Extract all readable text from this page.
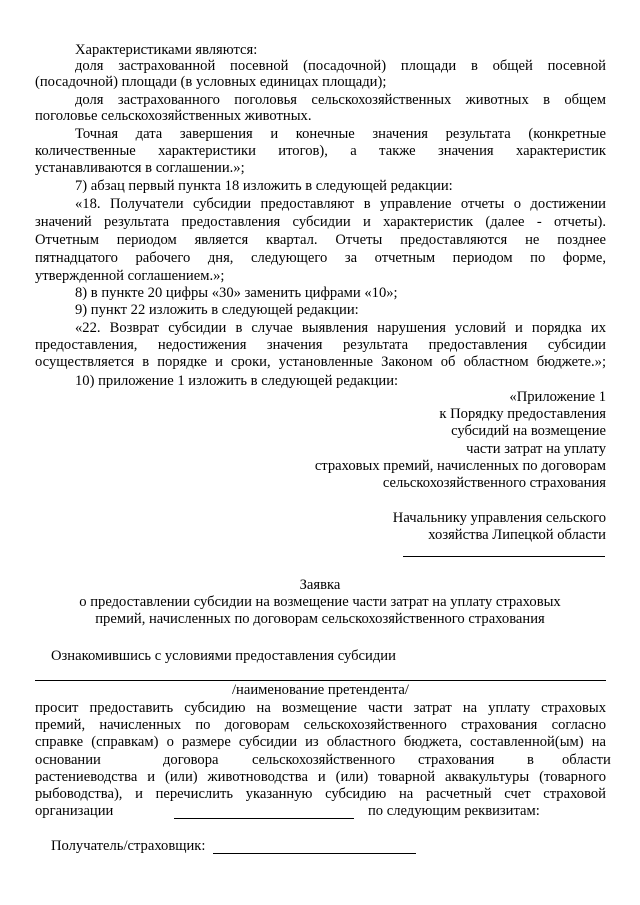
Характеристиками являются:
доля застрахованной посевной (посадочной) площади в общей посевной
(посадочной) площади (в условных единицах площади);
доля застрахованного поголовья сельскохозяйственных животных в общем
поголовье сельскохозяйственных животных.
Точная дата завершения и конечные значения результата (конкретные
количественные характеристики итогов), а также значения характеристик
устанавливаются в соглашении.»;
7) абзац первый пункта 18 изложить в следующей редакции:
«18. Получатели субсидии предоставляют в управление отчеты о достижении
значений результата предоставления субсидии и характеристик (далее - отчеты).
Отчетным периодом является квартал. Отчеты предоставляются не позднее
пятнадцатого рабочего дня, следующего за отчетным периодом по форме,
утвержденной соглашением.»;
8) в пункте 20 цифры «30» заменить цифрами «10»;
9) пункт 22 изложить в следующей редакции:
«22. Возврат субсидии в случае выявления нарушения условий и порядка их
предоставления, недостижения значения результата предоставления субсидии
осуществляется в порядке и сроки, установленные Законом об областном бюджете.»;
10) приложение 1 изложить в следующей редакции:
«Приложение 1
к Порядку предоставления
субсидий на возмещение
части затрат на уплату
страховых премий, начисленных по договорам
сельскохозяйственного страхования
Начальнику управления сельского
хозяйства Липецкой области
Заявка
о предоставлении субсидии на возмещение части затрат на уплату страховых
премий, начисленных по договорам сельскохозяйственного страхования
Ознакомившись с условиями предоставления субсидии
/наименование претендента/
просит предоставить субсидию на возмещение части затрат на уплату страховых
премий, начисленных по договорам сельскохозяйственного страхования согласно
справке (справкам) о размере субсидии из областного бюджета, составленной(ым) на
основании	договора сельскохозяйственного страхования в области
растениеводства и (или) животноводства и (или) товарной аквакультуры (товарного
рыбоводства), и перечислить указанную субсидию на расчетный счет страховой
организации	по следующим реквизитам:
Получатель/страховщик:
